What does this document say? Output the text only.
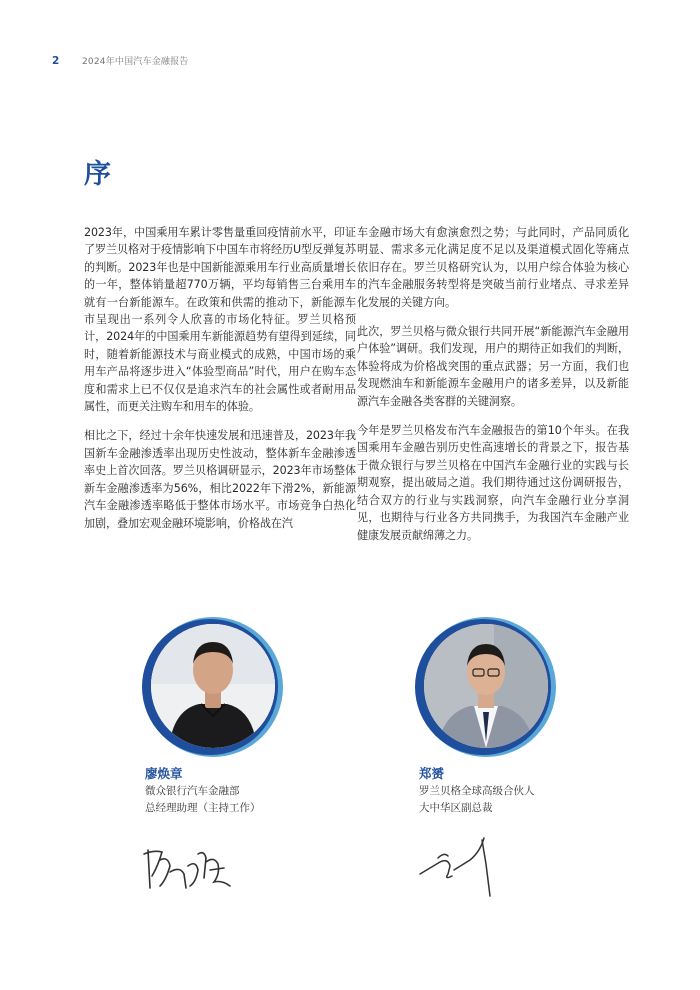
2	2024年中国汽车金融报告
序

2023年，中国乘用车累计零售量重回疫情前水平，印证了罗兰贝格对于疫情影响下中国车市将经历U型反弹复苏的判断。2023年也是中国新能源乘用车行业高质量增长的一年，整体销量超770万辆，平均每销售三台乘用车就有一台新能源车。在政策和供需的推动下，新能源车市呈现出一系列令人欣喜的市场化特征。罗兰贝格预计，2024年的中国乘用车新能源趋势有望得到延续，同时，随着新能源技术与商业模式的成熟，中国市场的乘用车产品将逐步进入“体验型商品”时代，用户在购车态度和需求上已不仅仅是追求汽车的社会属性或者耐用品属性，而更关注购车和用车的体验。

相比之下，经过十余年快速发展和迅速普及，2023年我国新车金融渗透率出现历史性波动，整体新车金融渗透率史上首次回落。罗兰贝格调研显示，2023年市场整体新车金融渗透率为56%，相比2022年下滑2%，新能源汽车金融渗透率略低于整体市场水平。市场竞争白热化加剧，叠加宏观金融环境影响，价格战在汽

车金融市场大有愈演愈烈之势；与此同时，产品同质化明显、需求多元化满足度不足以及渠道模式固化等痛点依旧存在。罗兰贝格研究认为，以用户综合体验为核心的汽车金融服务转型将是突破当前行业堵点、寻求差异化发展的关键方向。

此次，罗兰贝格与微众银行共同开展“新能源汽车金融用户体验”调研。我们发现，用户的期待正如我们的判断，体验将成为价格战突围的重点武器；另一方面，我们也发现燃油车和新能源车金融用户的诸多差异，以及新能源汽车金融各类客群的关键洞察。

今年是罗兰贝格发布汽车金融报告的第10个年头。在我国乘用车金融告别历史性高速增长的背景之下，报告基于微众银行与罗兰贝格在中国汽车金融行业的实践与长期观察，提出破局之道。我们期待通过这份调研报告，结合双方的行业与实践洞察，向汽车金融行业分享洞见，也期待与行业各方共同携手，为我国汽车金融产业健康发展贡献绵薄之力。

廖焕章
微众银行汽车金融部
总经理助理（主持工作）
郑赟
罗兰贝格全球高级合伙人
大中华区副总裁
